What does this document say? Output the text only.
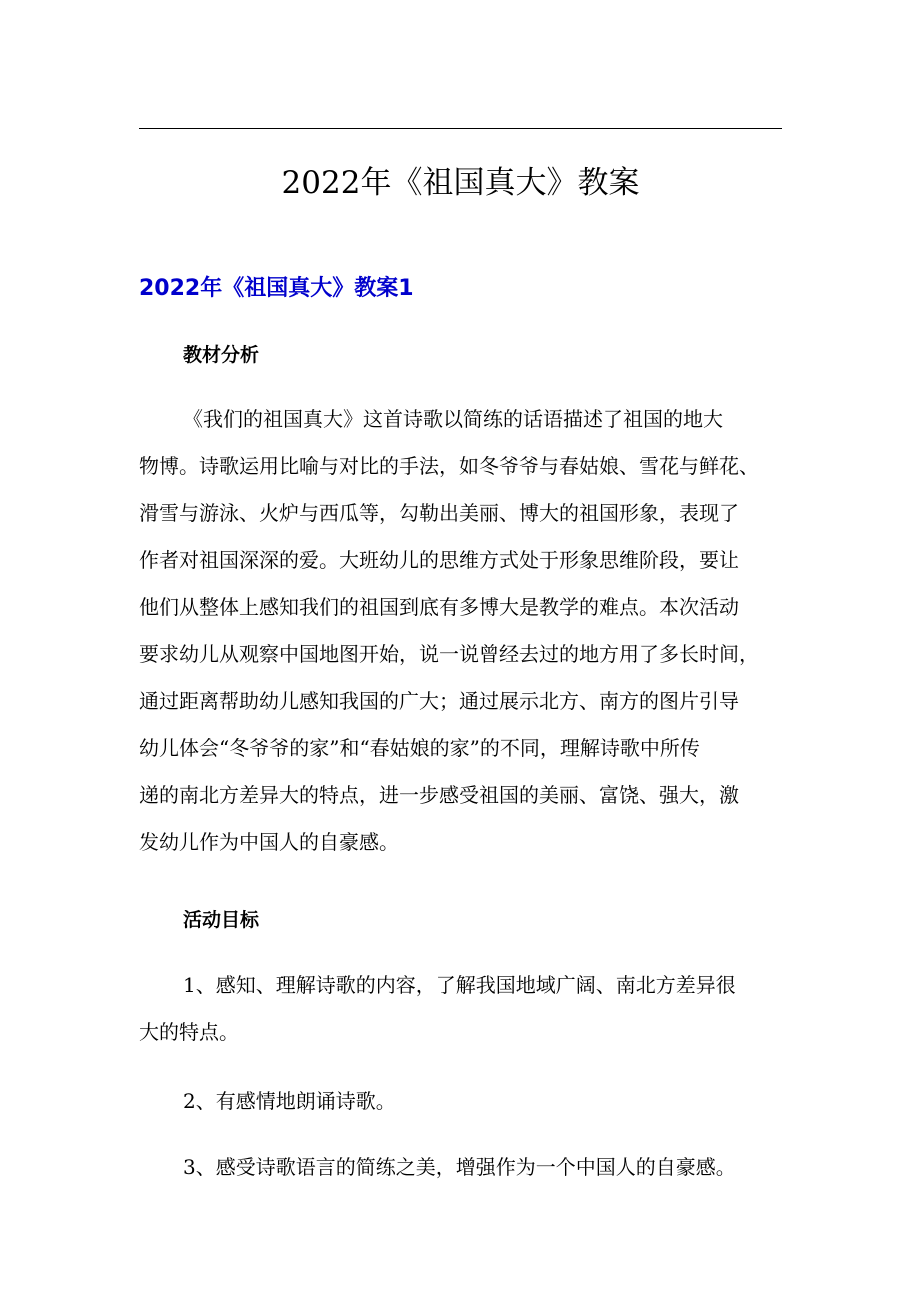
2022年《祖国真大》教案
2022年《祖国真大》教案1
教材分析

《我们的祖国真大》这首诗歌以简练的话语描述了祖国的地大

物博。诗歌运用比喻与对比的手法，如冬爷爷与春姑娘、雪花与鲜花、

滑雪与游泳、火炉与西瓜等，勾勒出美丽、博大的祖国形象，表现了

作者对祖国深深的爱。大班幼儿的思维方式处于形象思维阶段，要让

他们从整体上感知我们的祖国到底有多博大是教学的难点。本次活动

要求幼儿从观察中国地图开始，说一说曾经去过的地方用了多长时间，

通过距离帮助幼儿感知我国的广大；通过展示北方、南方的图片引导

幼儿体会“冬爷爷的家”和“春姑娘的家”的不同，理解诗歌中所传

递的南北方差异大的特点，进一步感受祖国的美丽、富饶、强大，激

发幼儿作为中国人的自豪感。

活动目标

1、感知、理解诗歌的内容，了解我国地域广阔、南北方差异很

大的特点。

2、有感情地朗诵诗歌。

3、感受诗歌语言的简练之美，增强作为一个中国人的自豪感。
